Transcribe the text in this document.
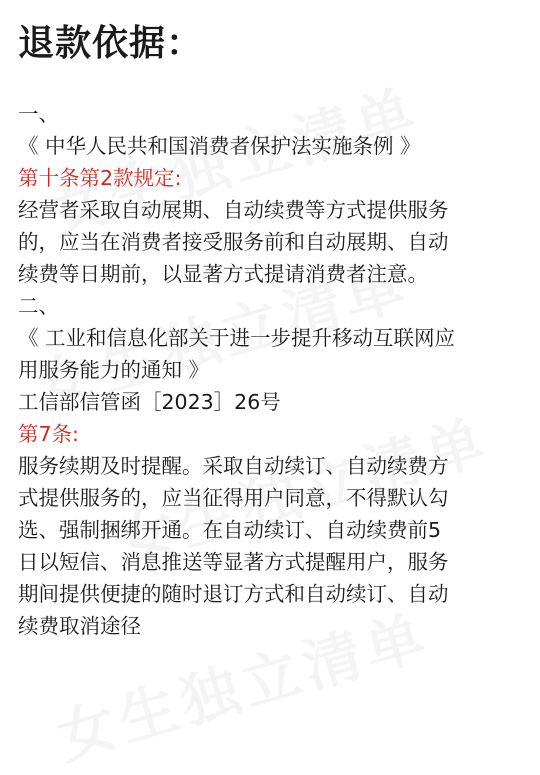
退款依据：

一、

《 中华人民共和国消费者保护法实施条例 》

第十条第2款规定:

经营者采取自动展期、自动续费等方式提供服务

的，应当在消费者接受服务前和自动展期、自动

续费等日期前，以显著方式提请消费者注意。

二、

《 工业和信息化部关于进一步提升移动互联网应

用服务能力的通知 》

工信部信管函［2023］26号

第7条:

服务续期及时提醒。采取自动续订、自动续费方

式提供服务的，应当征得用户同意，不得默认勾

选、强制捆绑开通。在自动续订、自动续费前5

日以短信、消息推送等显著方式提醒用户，服务

期间提供便捷的随时退订方式和自动续订、自动

续费取消途径
